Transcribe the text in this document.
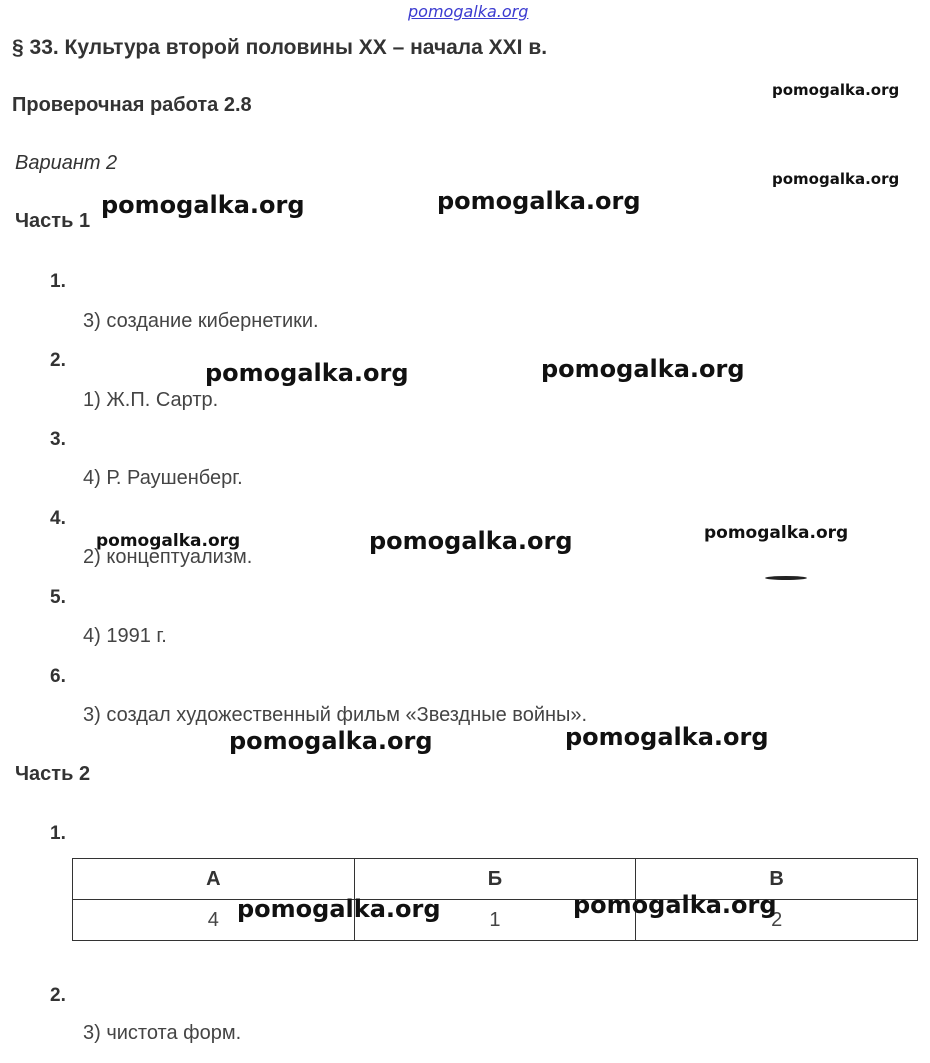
pomogalka.org
§ 33. Культура второй половины XX – начала XXI в.
Проверочная работа 2.8
Вариант 2
Часть 1
1.
3) создание кибернетики.
2.
1) Ж.П. Сартр.
3.
4) Р. Раушенберг.
4.
2) концептуализм.
5.
4) 1991 г.
6.
3) создал художественный фильм «Звездные войны».
Часть 2
1.
А	Б	В
4	1	2
2.
3) чистота форм.
pomogalka.org
pomogalka.org
pomogalka.org	pomogalka.org
pomogalka.org	pomogalka.org
pomogalka.org	pomogalka.org	pomogalka.org
pomogalka.org	pomogalka.org
pomogalka.org	pomogalka.org
